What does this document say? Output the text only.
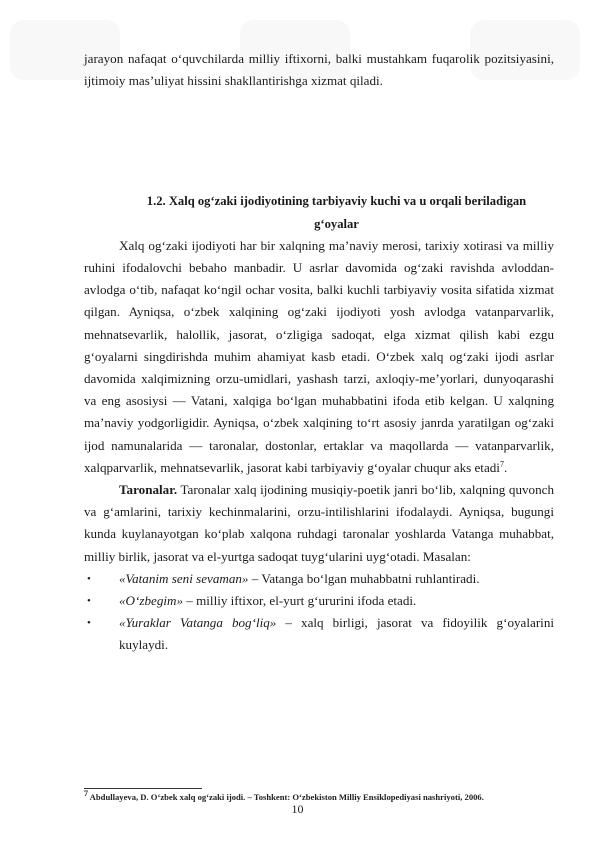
jarayon nafaqat o‘quvchilarda milliy iftixorni, balki mustahkam fuqarolik pozitsiyasini, ijtimoiy mas’uliyat hissini shakllantirishga xizmat qiladi.

1.2. Xalq og‘zaki ijodiyotining tarbiyaviy kuchi va u orqali beriladigan
g‘oyalar

Xalq og‘zaki ijodiyoti har bir xalqning ma’naviy merosi, tarixiy xotirasi va milliy ruhini ifodalovchi bebaho manbadir. U asrlar davomida og‘zaki ravishda avloddan-avlodga o‘tib, nafaqat ko‘ngil ochar vosita, balki kuchli tarbiyaviy vosita sifatida xizmat qilgan. Ayniqsa, o‘zbek xalqining og‘zaki ijodiyoti yosh avlodga vatanparvarlik, mehnatsevarlik, halollik, jasorat, o‘zligiga sadoqat, elga xizmat qilish kabi ezgu g‘oyalarni singdirishda muhim ahamiyat kasb etadi. O‘zbek xalq og‘zaki ijodi asrlar davomida xalqimizning orzu-umidlari, yashash tarzi, axloqiy-me’yorlari, dunyoqarashi va eng asosiysi — Vatani, xalqiga bo‘lgan muhabbatini ifoda etib kelgan. U xalqning ma’naviy yodgorligidir. Ayniqsa, o‘zbek xalqining to‘rt asosiy janrda yaratilgan og‘zaki ijod namunalarida — taronalar, dostonlar, ertaklar va maqollarda — vatanparvarlik, xalqparvarlik, mehnatsevarlik, jasorat kabi tarbiyaviy g‘oyalar chuqur aks etadi$^7$.

Taronalar. Taronalar xalq ijodining musiqiy-poetik janri bo‘lib, xalqning quvonch va g‘amlarini, tarixiy kechinmalarini, orzu-intilishlarini ifodalaydi. Ayniqsa, bugungi kunda kuylanayotgan ko‘plab xalqona ruhdagi taronalar yoshlarda Vatanga muhabbat, milliy birlik, jasorat va el-yurtga sadoqat tuyg‘ularini uyg‘otadi. Masalan:

• «Vatanim seni sevaman» – Vatanga bo‘lgan muhabbatni ruhlantiradi.
• «O‘zbegim» – milliy iftixor, el-yurt g‘ururini ifoda etadi.
• «Yuraklar Vatanga bog‘liq» – xalq birligi, jasorat va fidoyilik g‘oyalarini kuylaydi.
$^7$ Abdullayeva, D. O‘zbek xalq og‘zaki ijodi. – Toshkent: O‘zbekiston Milliy Ensiklopediyasi nashriyoti, 2006.
10
